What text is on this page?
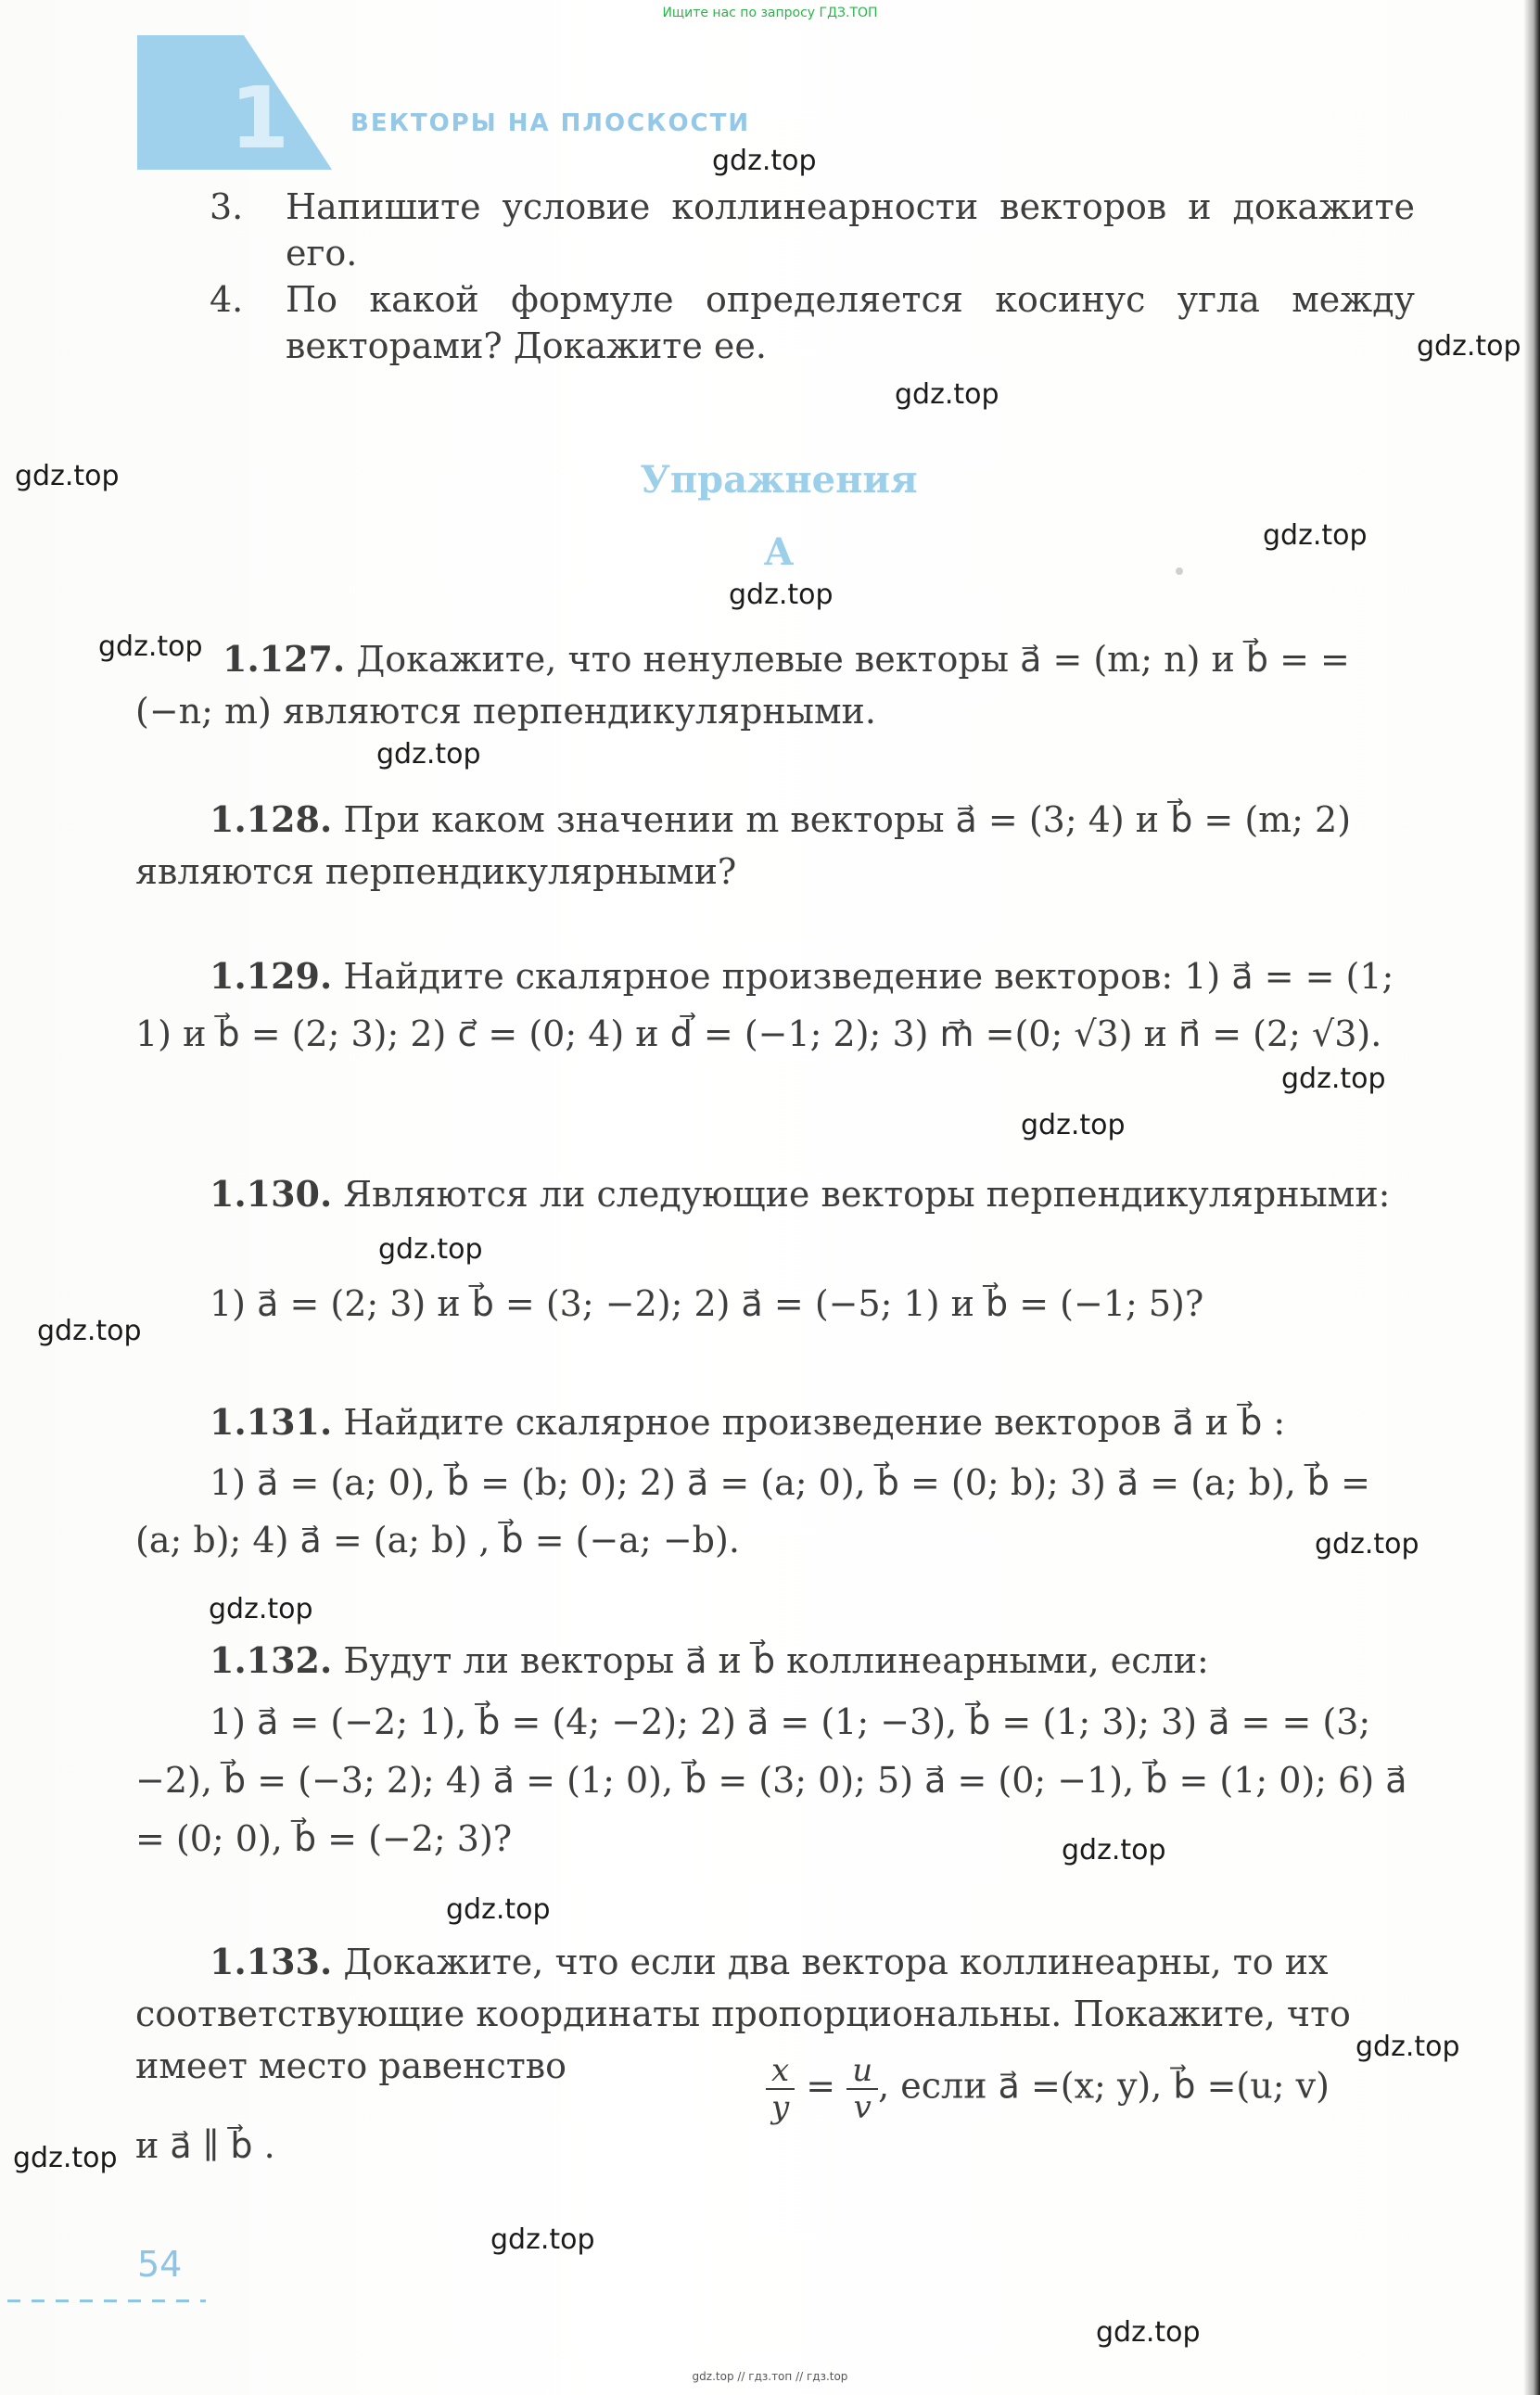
Ищите нас по запросу ГДЗ.ТОП
1	ВЕКТОРЫ НА ПЛОСКОСТИ
3. Напишите условие коллинеарности векторов и докажите его.
4. По какой формуле определяется косинус угла между векторами? Докажите ее.
Упражнения
А
1.127. Докажите, что ненулевые векторы a⃗ = (m; n) и b⃗ = =(−n; m) являются перпендикулярными.
1.128. При каком значении m векторы a⃗ = (3; 4) и b⃗ = (m; 2) являются перпендикулярными?
1.129. Найдите скалярное произведение векторов: 1) a⃗ = = (1; 1) и b⃗ = (2; 3); 2) c⃗ = (0; 4) и d⃗ = (−1; 2); 3) m⃗ =(0; √3) и n⃗ = (2; √3).
1.130. Являются ли следующие векторы перпендикулярными:
1) a⃗ = (2; 3) и b⃗ = (3; −2); 2) a⃗ = (−5; 1) и b⃗ = (−1; 5)?
1.131. Найдите скалярное произведение векторов a⃗ и b⃗ :
1) a⃗ = (a; 0), b⃗ = (b; 0); 2) a⃗ = (a; 0), b⃗ = (0; b); 3) a⃗ = (a; b), b⃗ = (a; b); 4) a⃗ = (a; b) , b⃗ = (−a; −b).
1.132. Будут ли векторы a⃗ и b⃗ коллинеарными, если:
1) a⃗ = (−2; 1), b⃗ = (4; −2); 2) a⃗ = (1; −3), b⃗ = (1; 3); 3) a⃗ = = (3; −2), b⃗ = (−3; 2); 4) a⃗ = (1; 0), b⃗ = (3; 0); 5) a⃗ = (0; −1), b⃗ = (1; 0); 6) a⃗ = (0; 0), b⃗ = (−2; 3)?
1.133. Докажите, что если два вектора коллинеарны, то их соответствующие координаты пропорциональны. Покажите, что имеет место равенство	$\frac{x}{y} = \frac{u}{v}$ , если a⃗ =(x; y), b⃗ =(u; v)
и a⃗ ∥ b⃗ .
54
gdz.top // гдз.топ // гдз.top
gdz.top
gdz.top
gdz.top
gdz.top
gdz.top
gdz.top
gdz.top
gdz.top
gdz.top
gdz.top
gdz.top
gdz.top
gdz.top
gdz.top
gdz.top
gdz.top
gdz.top
gdz.top
gdz.top
gdz.top
